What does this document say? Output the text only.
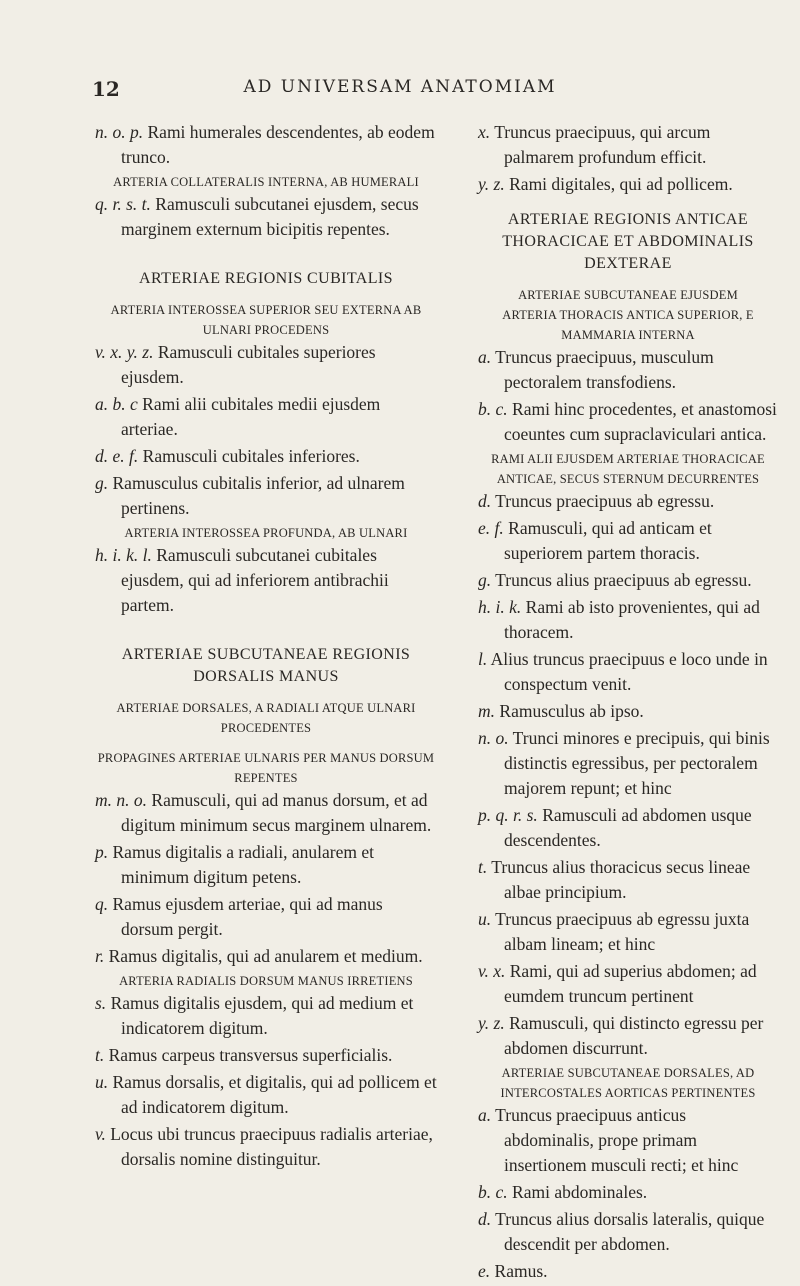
12	AD UNIVERSAM ANATOMIAM

n. o. p. Rami humerales descendentes, ab eodem trunco.

ARTERIA COLLATERALIS INTERNA, AB HUMERALI

q. r. s. t. Ramusculi subcutanei ejusdem, secus marginem externum bicipitis repentes.

ARTERIAE REGIONIS CUBITALIS

ARTERIA INTEROSSEA SUPERIOR SEU EXTERNA AB ULNARI PROCEDENS

v. x. y. z. Ramusculi cubitales superiores ejusdem.

a. b. c Rami alii cubitales medii ejusdem arteriae.

d. e. f. Ramusculi cubitales inferiores.

g. Ramusculus cubitalis inferior, ad ulnarem pertinens.

ARTERIA INTEROSSEA PROFUNDA, AB ULNARI

h. i. k. l. Ramusculi subcutanei cubitales ejusdem, qui ad inferiorem antibrachii partem.

ARTERIAE SUBCUTANEAE REGIONIS DORSALIS MANUS

ARTERIAE DORSALES, A RADIALI ATQUE ULNARI PROCEDENTES

PROPAGINES ARTERIAE ULNARIS PER MANUS DORSUM REPENTES

m. n. o. Ramusculi, qui ad manus dorsum, et ad digitum minimum secus marginem ulnarem.

p. Ramus digitalis a radiali, anularem et minimum digitum petens.

q. Ramus ejusdem arteriae, qui ad manus dorsum pergit.

r. Ramus digitalis, qui ad anularem et medium.

ARTERIA RADIALIS DORSUM MANUS IRRETIENS

s. Ramus digitalis ejusdem, qui ad medium et indicatorem digitum.

t. Ramus carpeus transversus superficialis.

u. Ramus dorsalis, et digitalis, qui ad pollicem et ad indicatorem digitum.

v. Locus ubi truncus praecipuus radialis arteriae, dorsalis nomine distinguitur.

x. Truncus praecipuus, qui arcum palmarem profundum efficit.

y. z. Rami digitales, qui ad pollicem.

ARTERIAE REGIONIS ANTICAE THORACICAE ET ABDOMINALIS DEXTERAE

ARTERIAE SUBCUTANEAE EJUSDEM

ARTERIA THORACIS ANTICA SUPERIOR, E MAMMARIA INTERNA

a. Truncus praecipuus, musculum pectoralem transfodiens.

b. c. Rami hinc procedentes, et anastomosi coeuntes cum supraclaviculari antica.

RAMI ALII EJUSDEM ARTERIAE THORACICAE ANTICAE, SECUS STERNUM DECURRENTES

d. Truncus praecipuus ab egressu.

e. f. Ramusculi, qui ad anticam et superiorem partem thoracis.

g. Truncus alius praecipuus ab egressu.

h. i. k. Rami ab isto provenientes, qui ad thoracem.

l. Alius truncus praecipuus e loco unde in conspectum venit.

m. Ramusculus ab ipso.

n. o. Trunci minores e precipuis, qui binis distinctis egressibus, per pectoralem majorem repunt; et hinc

p. q. r. s. Ramusculi ad abdomen usque descendentes.

t. Truncus alius thoracicus secus lineae albae principium.

u. Truncus praecipuus ab egressu juxta albam lineam; et hinc

v. x. Rami, qui ad superius abdomen; ad eumdem truncum pertinent

y. z. Ramusculi, qui distincto egressu per abdomen discurrunt.

ARTERIAE SUBCUTANEAE DORSALES, AD INTERCOSTALES AORTICAS PERTINENTES

a. Truncus praecipuus anticus abdominalis, prope primam insertionem musculi recti; et hinc

b. c. Rami abdominales.

d. Truncus alius dorsalis lateralis, quique descendit per abdomen.

e. Ramus.
